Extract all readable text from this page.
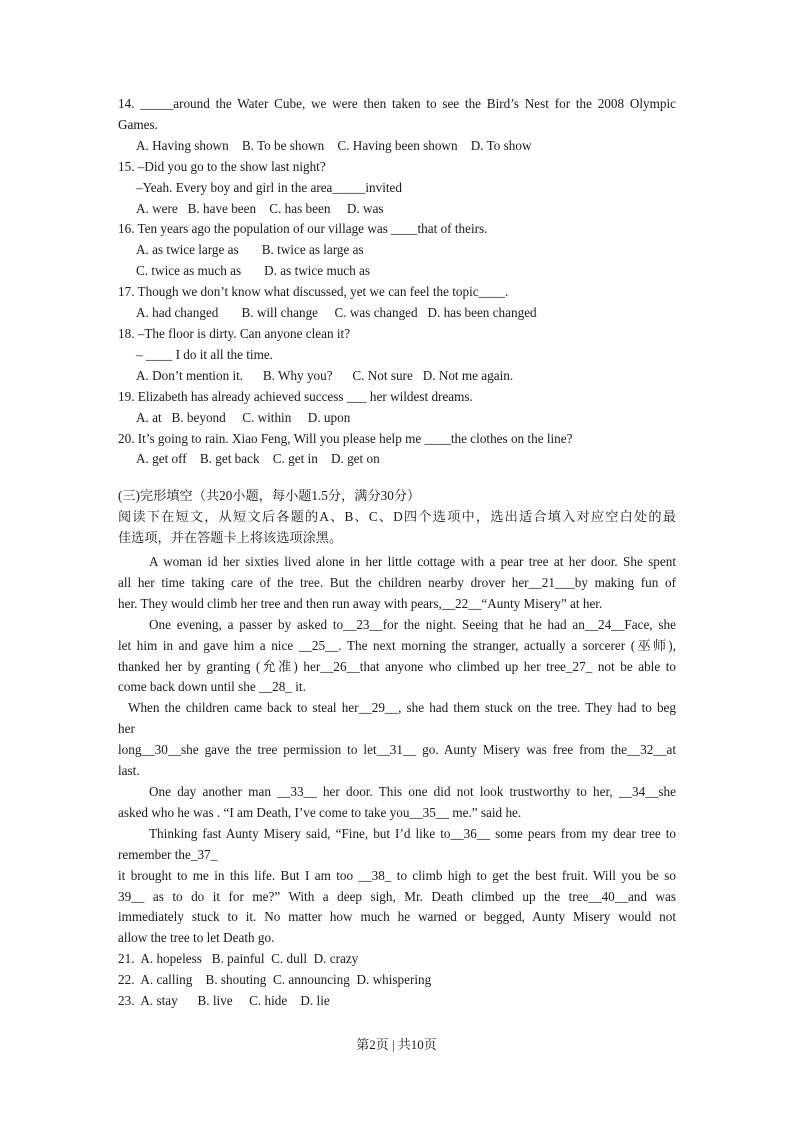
14. _____around the Water Cube, we were then taken to see the Bird’s Nest for the 2008 Olympic
Games.
A. Having shown    B. To be shown    C. Having been shown    D. To show
15. –Did you go to the show last night?
–Yeah. Every boy and girl in the area_____invited
A. were   B. have been    C. has been     D. was
16. Ten years ago the population of our village was ____that of theirs.
A. as twice large as       B. twice as large as
C. twice as much as       D. as twice much as
17. Though we don’t know what discussed, yet we can feel the topic____.
A. had changed       B. will change     C. was changed   D. has been changed
18. –The floor is dirty. Can anyone clean it?
– ____ I do it all the time.
A. Don’t mention it.      B. Why you?      C. Not sure   D. Not me again.
19. Elizabeth has already achieved success ___ her wildest dreams.
A. at   B. beyond     C. within     D. upon
20. It’s going to rain. Xiao Feng, Will you please help me ____the clothes on the line?
A. get off    B. get back    C. get in    D. get on
(三)完形填空（共20小题，每小题1.5分，满分30分）
阅读下在短文，从短文后各题的A、B、C、D四个选项中，选出适合填入对应空白处的最
佳选项，并在答题卡上将该选项涂黑。
A woman id her sixties lived alone in her little cottage with a pear tree at her door. She spent
all her time taking care of the tree. But the children nearby drover her__21___by making fun of
her. They would climb her tree and then run away with pears,__22__“Aunty Misery” at her.
One evening, a passer by asked to__23__for the night. Seeing that he had an__24__Face, she
let him in and gave him a nice __25__. The next morning the stranger, actually a sorcerer (巫师),
thanked her by granting (允准) her__26__that anyone who climbed up her tree_27_ not be able to
come back down until she __28_ it.
When the children came back to steal her__29__, she had them stuck on the tree. They had to beg
her
long__30__she gave the tree permission to let__31__ go. Aunty Misery was free from the__32__at
last.
One day another man __33__ her door. This one did not look trustworthy to her, __34__she
asked who he was . “I am Death, I’ve come to take you__35__ me.” said he.
Thinking fast Aunty Misery said, “Fine, but I’d like to__36__ some pears from my dear tree to
remember the_37_
it brought to me in this life. But I am too __38_ to climb high to get the best fruit. Will you be so
39__ as to do it for me?” With a deep sigh, Mr. Death climbed up the tree__40__and was
immediately stuck to it. No matter how much he warned or begged, Aunty Misery would not
allow the tree to let Death go.
21.  A. hopeless   B. painful  C. dull  D. crazy
22.  A. calling    B. shouting  C. announcing  D. whispering
23.  A. stay      B. live     C. hide    D. lie
第2页 | 共10页
